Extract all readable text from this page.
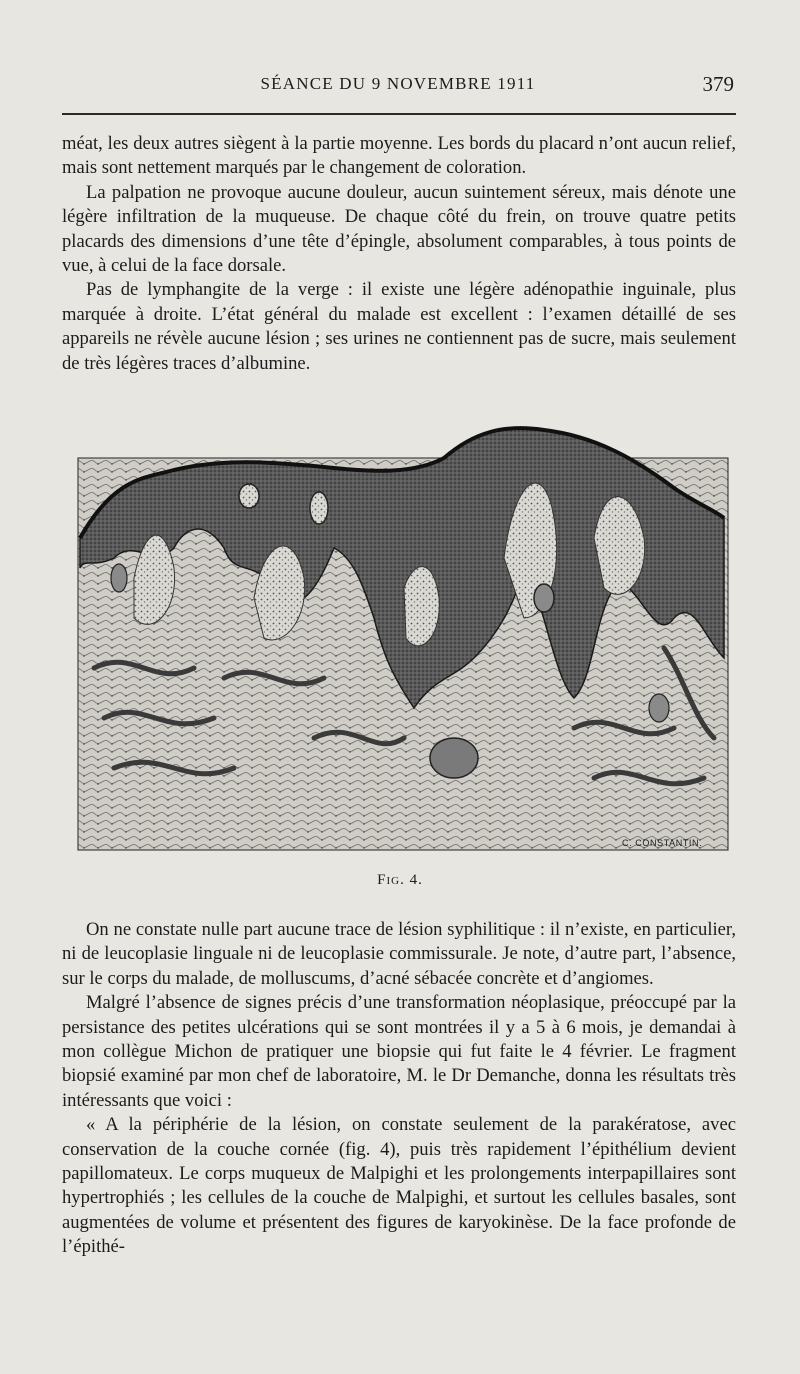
SÉANCE DU 9 NOVEMBRE 1911	379

méat, les deux autres siègent à la partie moyenne. Les bords du placard n’ont aucun relief, mais sont nettement marqués par le changement de coloration.

La palpation ne provoque aucune douleur, aucun suintement séreux, mais dénote une légère infiltration de la muqueuse. De chaque côté du frein, on trouve quatre petits placards des dimensions d’une tête d’épingle, absolument comparables, à tous points de vue, à celui de la face dorsale.

Pas de lymphangite de la verge : il existe une légère adénopathie inguinale, plus marquée à droite. L’état général du malade est excellent : l’examen détaillé de ses appareils ne révèle aucune lésion ; ses urines ne contiennent pas de sucre, mais seulement de très légères traces d’albumine.

C. CONSTANTIN.
Fig. 4.

On ne constate nulle part aucune trace de lésion syphilitique : il n’existe, en particulier, ni de leucoplasie linguale ni de leucoplasie commissurale. Je note, d’autre part, l’absence, sur le corps du malade, de molluscums, d’acné sébacée concrète et d’angiomes.

Malgré l’absence de signes précis d’une transformation néoplasique, préoccupé par la persistance des petites ulcérations qui se sont montrées il y a 5 à 6 mois, je demandai à mon collègue Michon de pratiquer une biopsie qui fut faite le 4 février. Le fragment biopsié examiné par mon chef de laboratoire, M. le Dr Demanche, donna les résultats très intéressants que voici :

« A la périphérie de la lésion, on constate seulement de la parakératose, avec conservation de la couche cornée (fig. 4), puis très rapidement l’épithélium devient papillomateux. Le corps muqueux de Malpighi et les prolongements interpapillaires sont hypertrophiés ; les cellules de la couche de Malpighi, et surtout les cellules basales, sont augmentées de volume et présentent des figures de karyokinèse. De la face profonde de l’épithé-
